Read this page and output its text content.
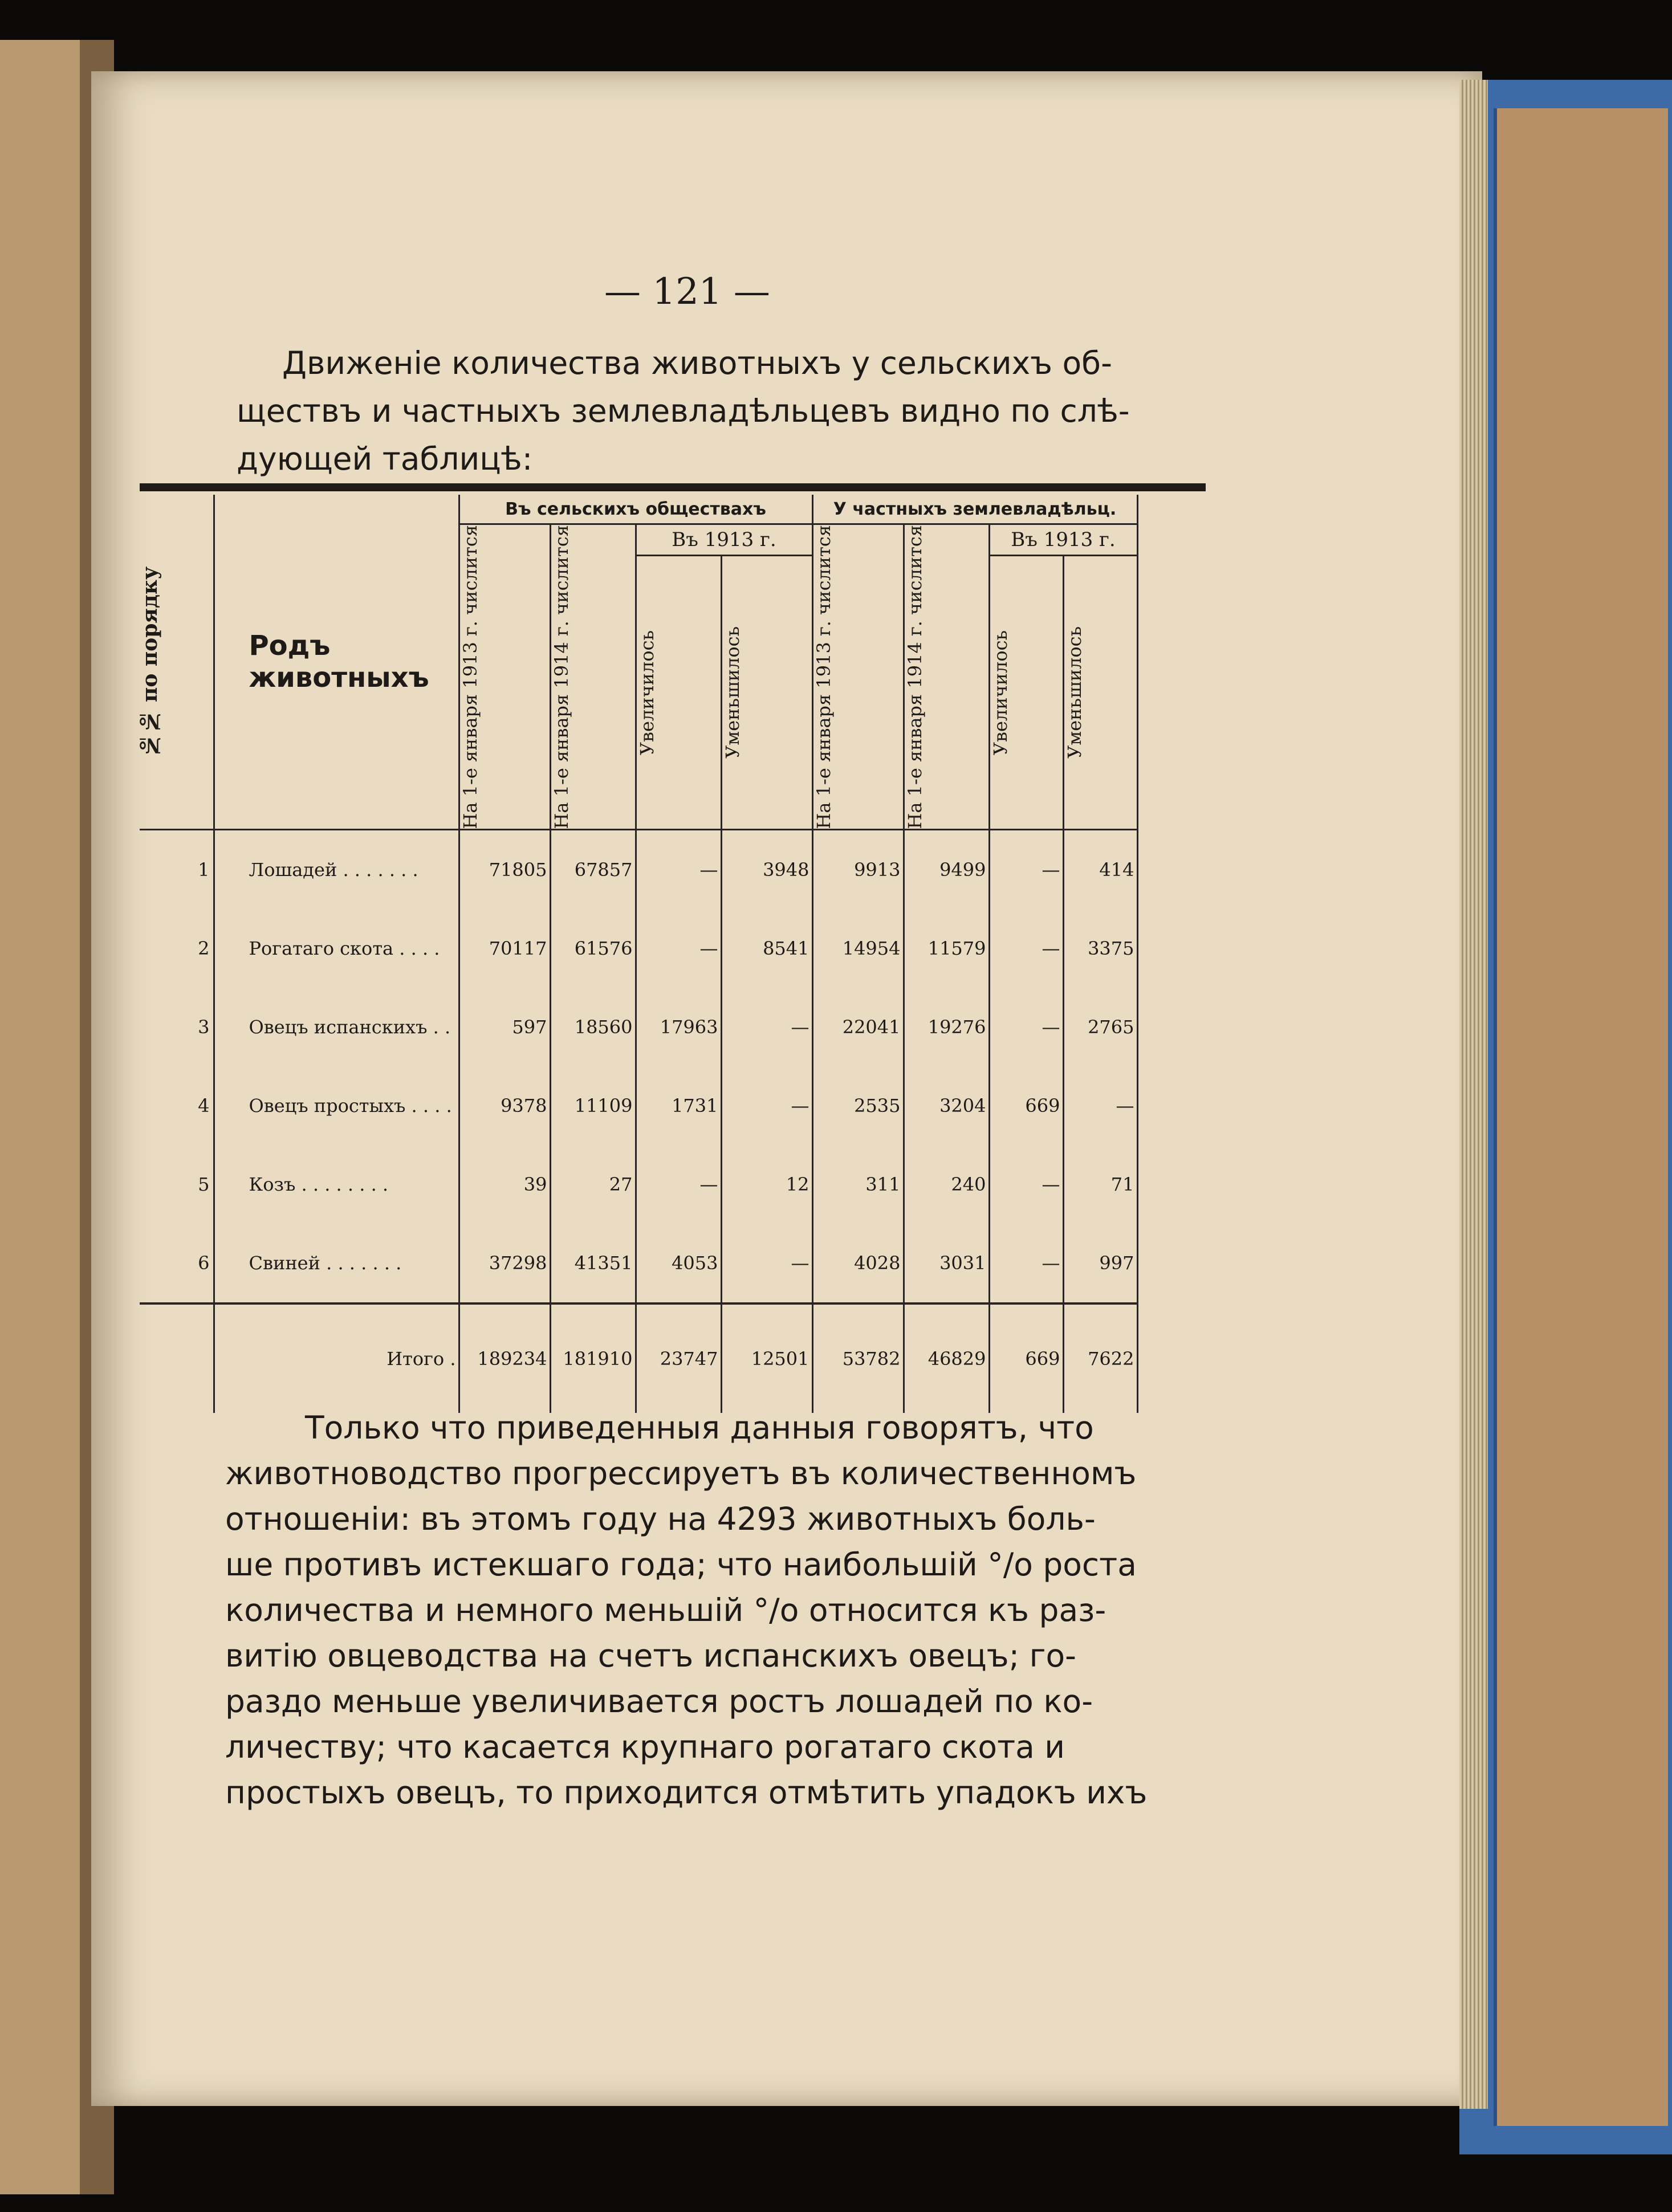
— 121 —
Движеніе количества животныхъ у сельскихъ об-
ществъ и частныхъ землевладѣльцевъ видно по слѣ-
дующей таблицѣ:
№№ по порядку	Родъ животныхъ	Въ сельскихъ обществахъ				У частныхъ землевладѣльц.			

		На 1-е января 1913 г. числится	На 1-е января 1914 г. числится	Въ 1913 г.		На 1-е января 1913 г. числится	На 1-е января 1914 г. числится	Въ 1913 г.	

				Увеличилось	Уменьшилось			Увеличилось	Уменьшилось

1	Лошадей . . . . . . .	71805	67857	—	3948	9913	9499	—	414
2	Рогатаго скота . . . .	70117	61576	—	8541	14954	11579	—	3375
3	Овецъ испанскихъ . .	597	18560	17963	—	22041	19276	—	2765
4	Овецъ простыхъ . . . .	9378	11109	1731	—	2535	3204	669	—
5	Козъ . . . . . . . .	39	27	—	12	311	240	—	71
6	Свиней . . . . . . .	37298	41351	4053	—	4028	3031	—	997
	Итого .	189234	181910	23747	12501	53782	46829	669	7622
Только что приведенныя данныя говорятъ, что
животноводство прогрессируетъ въ количественномъ
отношеніи: въ этомъ году на 4293 животныхъ боль-
ше противъ истекшаго года; что наибольшій °/o роста
количества и немного меньшій °/o относится къ раз-
витію овцеводства на счетъ испанскихъ овецъ; го-
раздо меньше увеличивается ростъ лошадей по ко-
личеству; что касается крупнаго рогатаго скота и
простыхъ овецъ, то приходится отмѣтить упадокъ ихъ
